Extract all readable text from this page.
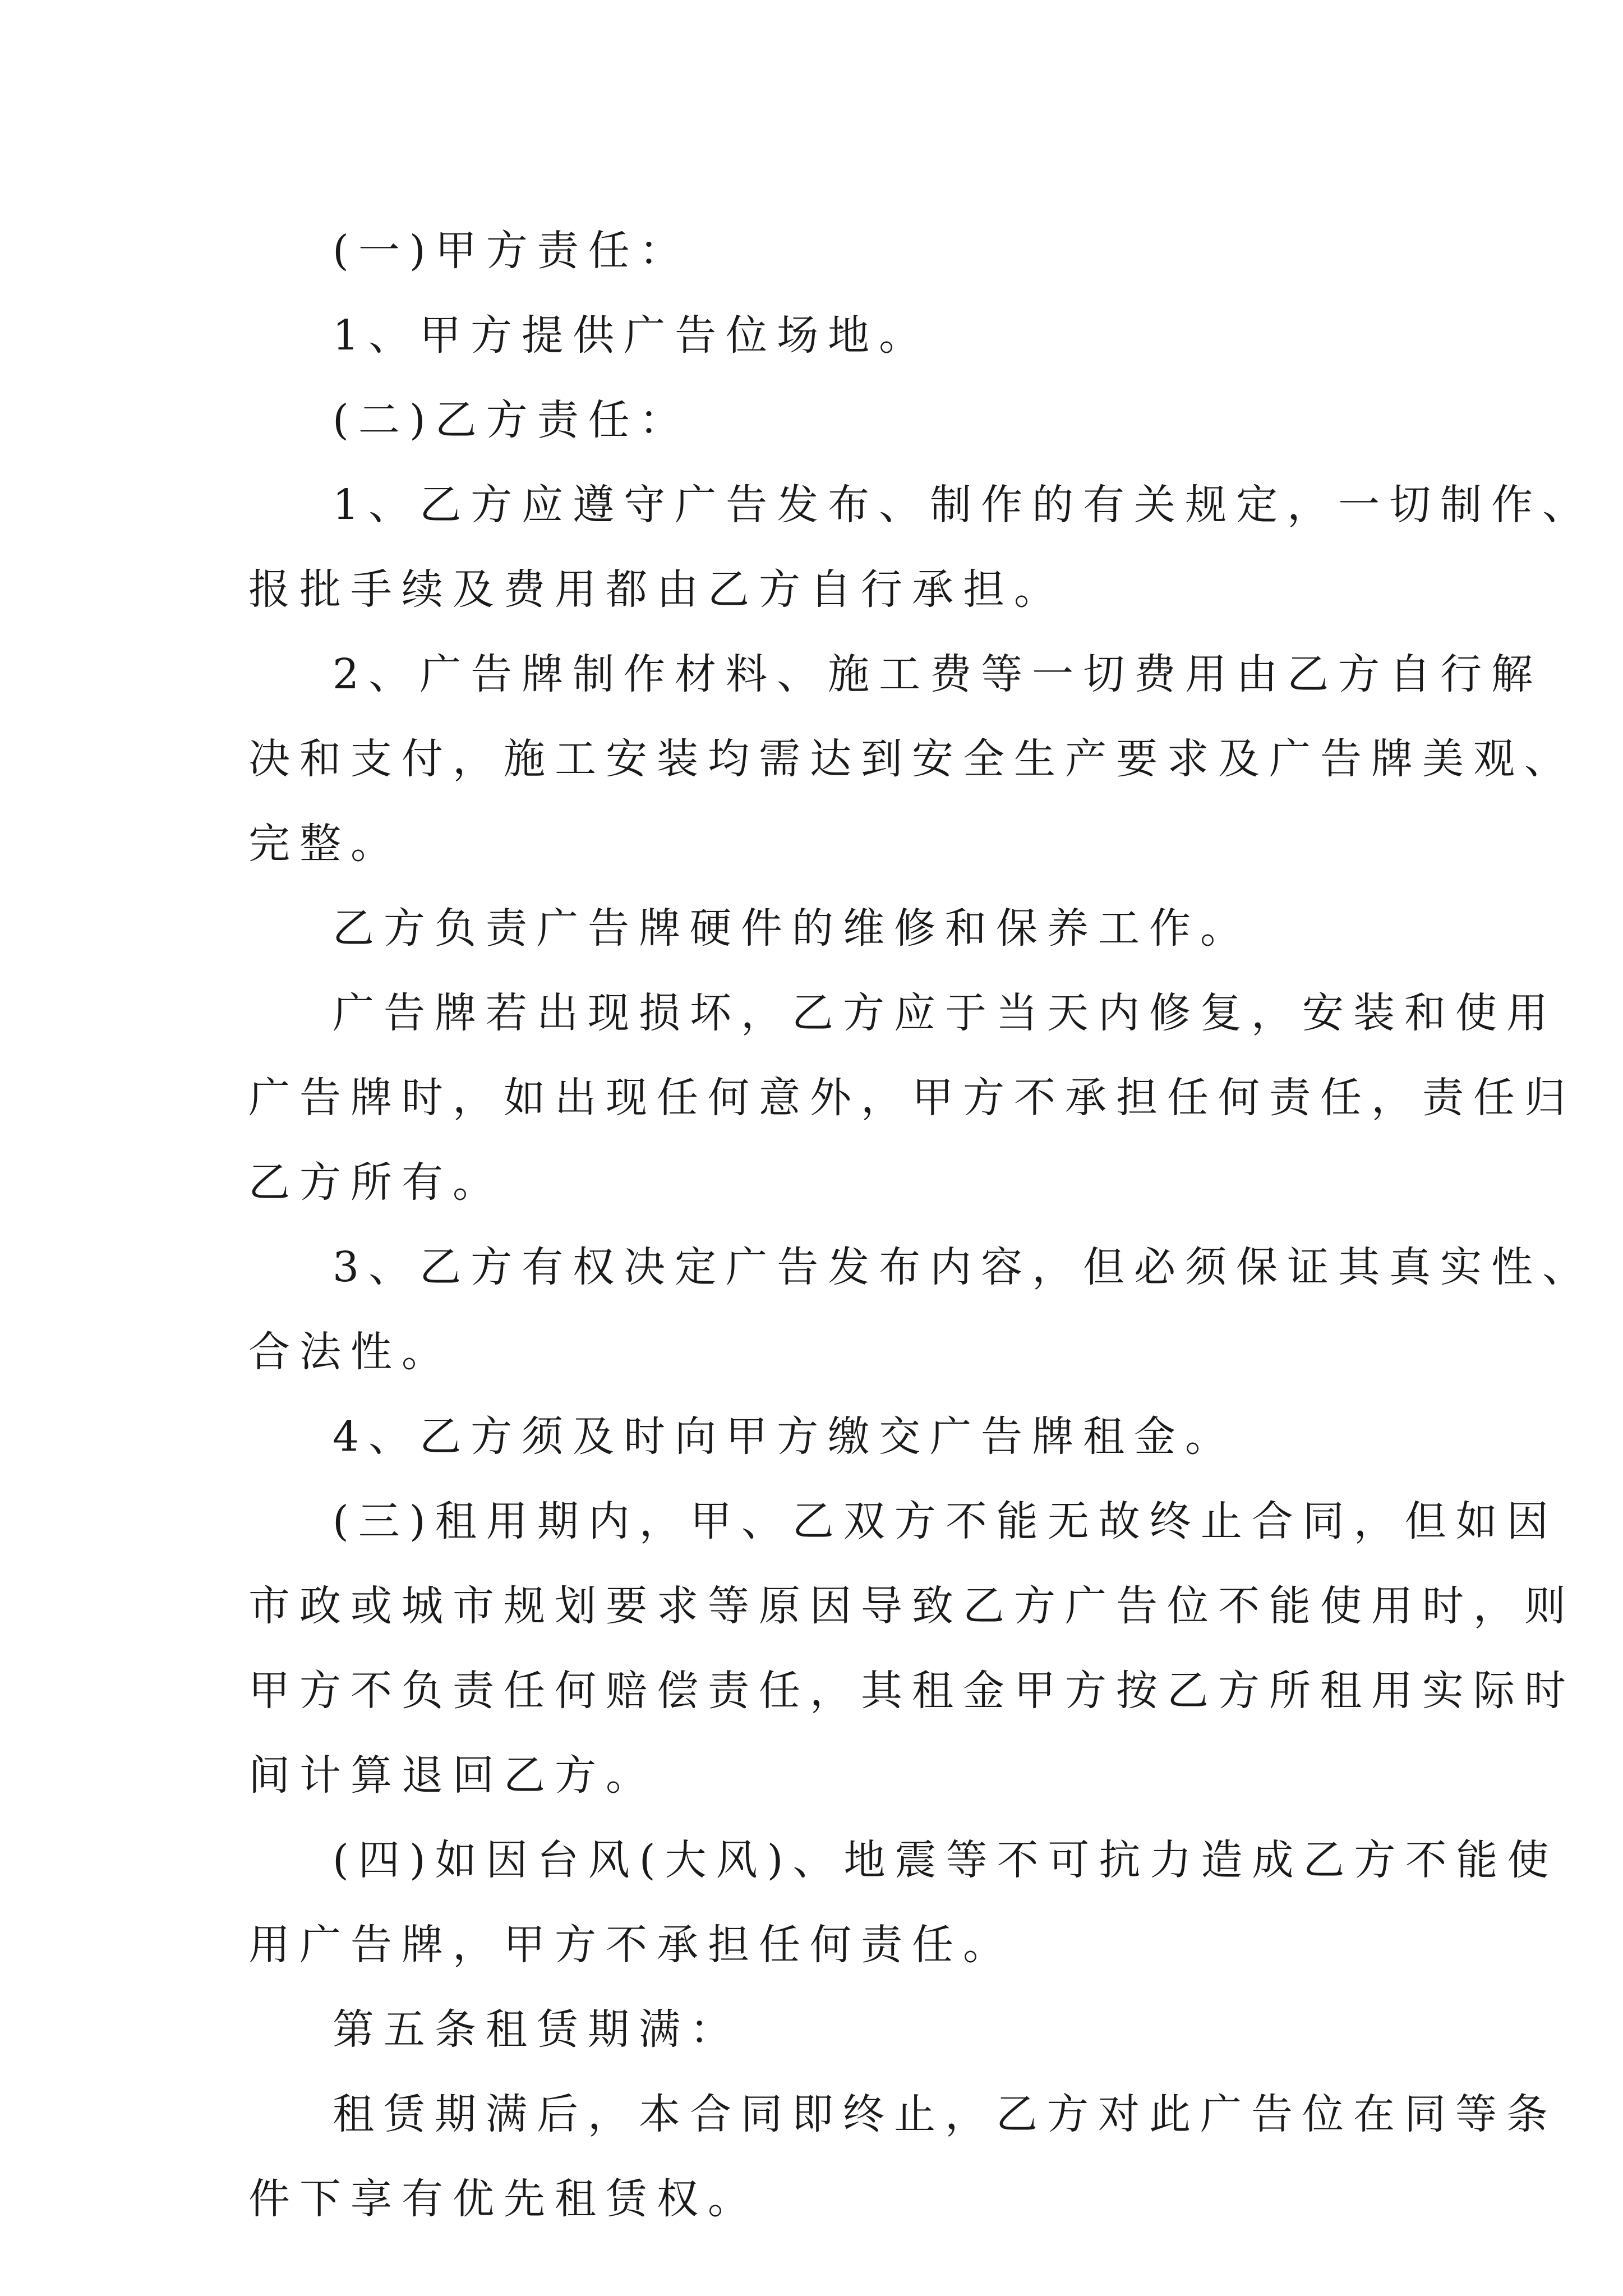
(一)甲方责任：
1、甲方提供广告位场地。
(二)乙方责任：
1、乙方应遵守广告发布、制作的有关规定，一切制作、
报批手续及费用都由乙方自行承担。
2、广告牌制作材料、施工费等一切费用由乙方自行解
决和支付，施工安装均需达到安全生产要求及广告牌美观、
完整。
乙方负责广告牌硬件的维修和保养工作。
广告牌若出现损坏，乙方应于当天内修复，安装和使用
广告牌时，如出现任何意外，甲方不承担任何责任，责任归
乙方所有。
3、乙方有权决定广告发布内容，但必须保证其真实性、
合法性。
4、乙方须及时向甲方缴交广告牌租金。
(三)租用期内，甲、乙双方不能无故终止合同，但如因
市政或城市规划要求等原因导致乙方广告位不能使用时，则
甲方不负责任何赔偿责任，其租金甲方按乙方所租用实际时
间计算退回乙方。
(四)如因台风(大风)、地震等不可抗力造成乙方不能使
用广告牌，甲方不承担任何责任。
第五条租赁期满：
租赁期满后，本合同即终止，乙方对此广告位在同等条
件下享有优先租赁权。
